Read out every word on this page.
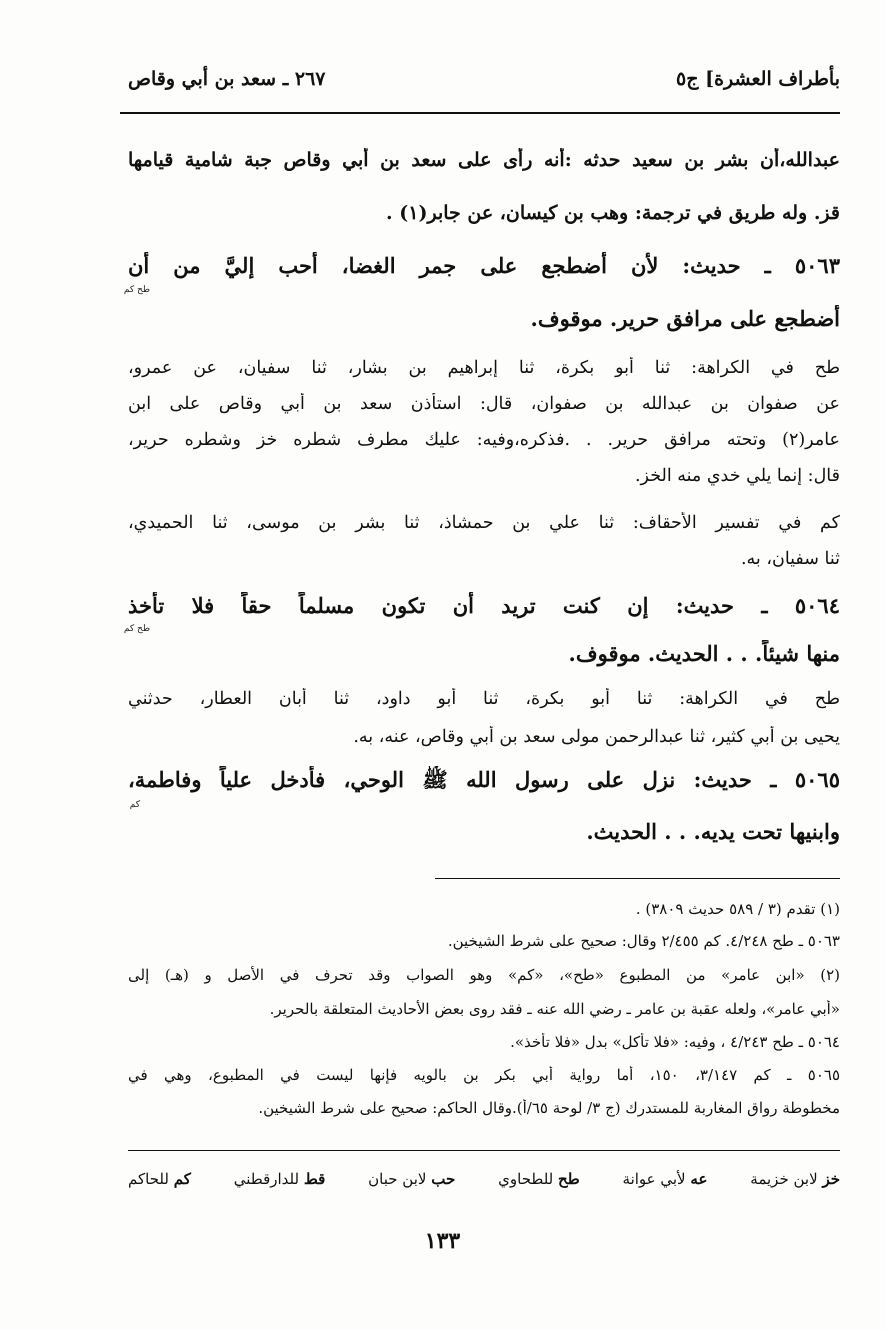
بأطراف العشرة] ج٥
٢٦٧ ـ سعد بن أبي وقاص
عبدالله،أن بشر بن سعيد حدثه :أنه رأى على سعد بن أبي وقاص جبة شامية قيامها
قز. وله طريق في ترجمة: وهب بن كيسان، عن جابر(١) .
٥٠٦٣ ـ حديث: لأن أضطجع على جمر الغضا، أحب إليَّ من أن
طح كم
أضطجع على مرافق حرير. موقوف.
طح في الكراهة: ثنا أبو بكرة، ثنا إبراهيم بن بشار، ثنا سفيان، عن عمرو،
عن صفوان بن عبدالله بن صفوان، قال: استأذن سعد بن أبي وقاص على ابن
عامر(٢) وتحته مرافق حرير. . .فذكره،وفيه: عليك مطرف شطره خز وشطره حرير،
قال: إنما يلي خدي منه الخز.
كم في تفسير الأحقاف: ثنا علي بن حمشاذ، ثنا بشر بن موسى، ثنا الحميدي،
ثنا سفيان، به.
٥٠٦٤ ـ حديث: إن كنت تريد أن تكون مسلماً حقاً فلا تأخذ
طح كم
منها شيئاً. . . الحديث. موقوف.
طح في الكراهة: ثنا أبو بكرة، ثنا أبو داود، ثنا أبان العطار، حدثني
يحيى بن أبي كثير، ثنا عبدالرحمن مولى سعد بن أبي وقاص، عنه، به.
٥٠٦٥ ـ حديث: نزل على رسول الله ﷺ الوحي، فأدخل علياً وفاطمة،
كم
وابنيها تحت يديه. . . الحديث.
(١) تقدم (٣ / ٥٨٩ حديث ٣٨٠٩) .
٥٠٦٣ ـ طح ٤/٢٤٨. كم ٢/٤٥٥ وقال: صحيح على شرط الشيخين.
(٢) «ابن عامر» من المطبوع «طح»، «كم» وهو الصواب وقد تحرف في الأصل و (هـ) إلى
«أبي عامر»، ولعله عقبة بن عامر ـ رضي الله عنه ـ فقد روى بعض الأحاديث المتعلقة بالحرير.
٥٠٦٤ ـ طح ٤/٢٤٣ ، وفيه: «فلا تأكل» بدل «فلا تأخذ».
٥٠٦٥ ـ كم ٣/١٤٧، ١٥٠، أما رواية أبي بكر بن بالويه فإنها ليست في المطبوع، وهي في
مخطوطة رواق المغاربة للمستدرك (ج ٣/ لوحة ٦٥/أ).وقال الحاكم: صحيح على شرط الشيخين.
خز لابن خزيمة
عه لأبي عوانة
طح للطحاوي
حب لابن حبان
قط للدارقطني
كم للحاكم
١٣٣
